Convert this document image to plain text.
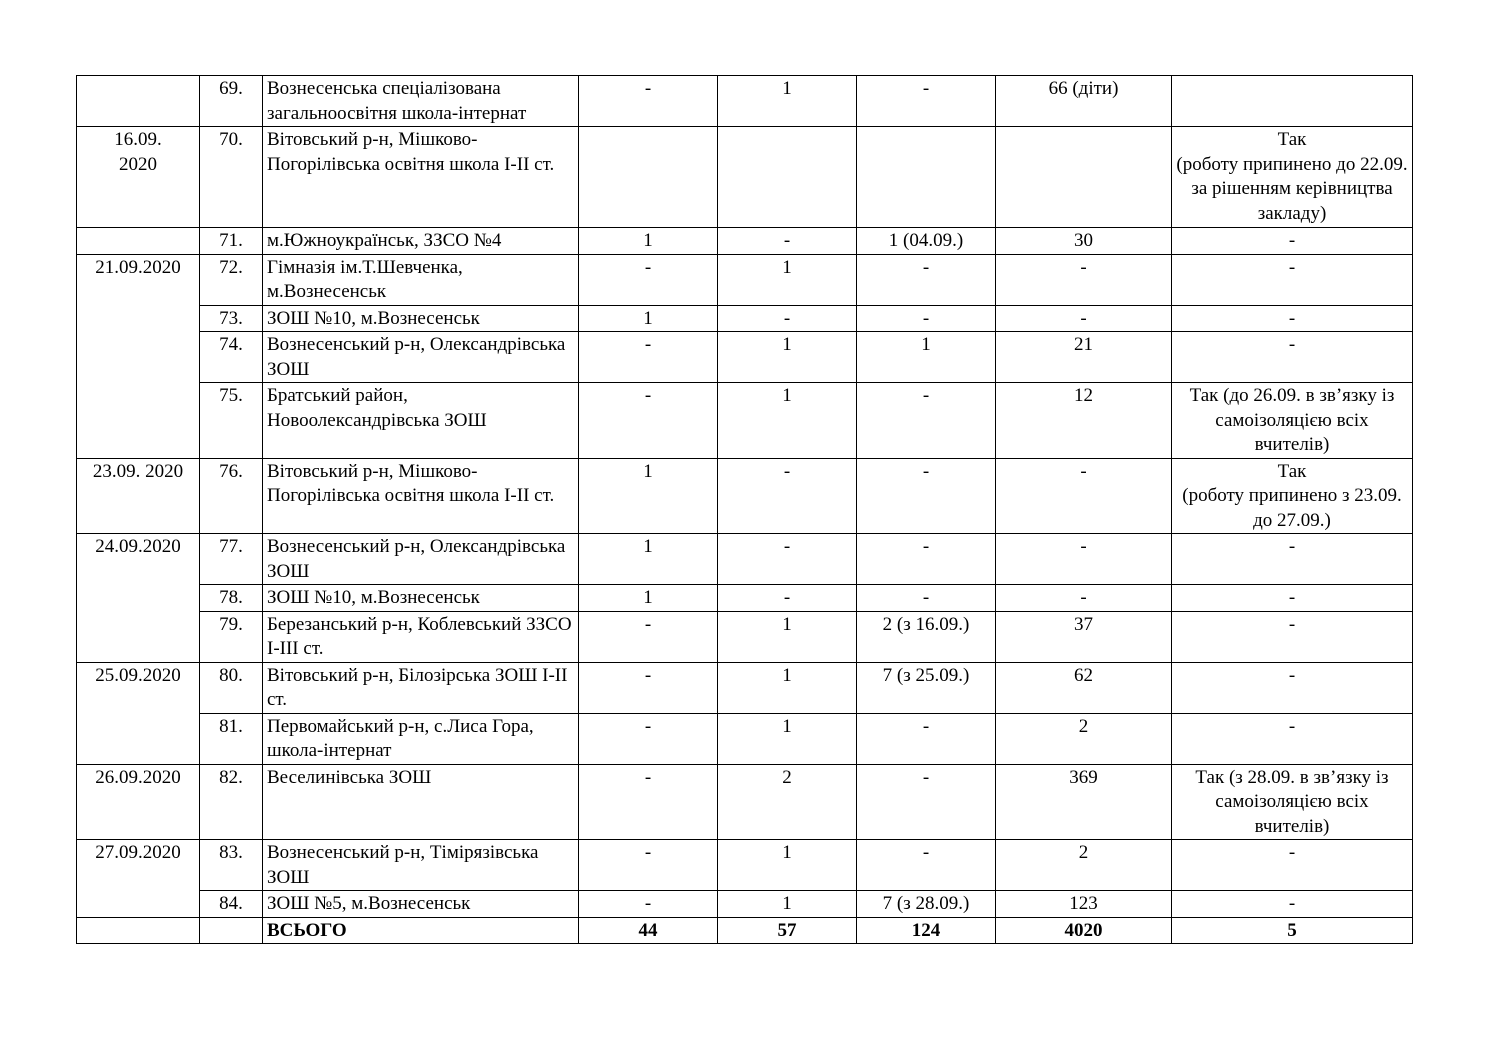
	69.	Вознесенська спеціалізована загальноосвітня школа-інтернат	-	1	-	66 (діти)	
16.09.
2020	70.	Вітовський р-н, Мішково-Погорілівська освітня школа І-ІІ ст.					Так
(роботу припинено до 22.09. за рішенням керівництва закладу)
	71.	м.Южноукраїнськ, ЗЗСО №4	1	-	1 (04.09.)	30	-
21.09.2020	72.	Гімназія ім.Т.Шевченка, м.Вознесенськ	-	1	-	-	-
	73.	ЗОШ №10, м.Вознесенськ	1	-	-	-	-
	74.	Вознесенський р-н, Олександрівська ЗОШ	-	1	1	21	-
	75.	Братський район, Новоолександрівська ЗОШ	-	1	-	12	Так (до 26.09. в зв’язку із самоізоляцією всіх вчителів)
23.09. 2020	76.	Вітовський р-н, Мішково-Погорілівська освітня школа І-ІІ ст.	1	-	-	-	Так
(роботу припинено з 23.09. до 27.09.)
24.09.2020	77.	Вознесенський р-н, Олександрівська ЗОШ	1	-	-	-	-
	78.	ЗОШ №10, м.Вознесенськ	1	-	-	-	-
	79.	Березанський р-н, Коблевський ЗЗСО І-ІІІ ст.	-	1	2 (з 16.09.)	37	-
25.09.2020	80.	Вітовський р-н, Білозірська ЗОШ І-ІІ ст.	-	1	7 (з 25.09.)	62	-
	81.	Первомайський р-н, с.Лиса Гора, школа-інтернат	-	1	-	2	-
26.09.2020	82.	Веселинівська ЗОШ	-	2	-	369	Так (з 28.09. в зв’язку із самоізоляцією всіх вчителів)
27.09.2020	83.	Вознесенський р-н, Тімірязівська ЗОШ	-	1	-	2	-
	84.	ЗОШ №5, м.Вознесенськ	-	1	7 (з 28.09.)	123	-
		ВСЬОГО	44	57	124	4020	5
